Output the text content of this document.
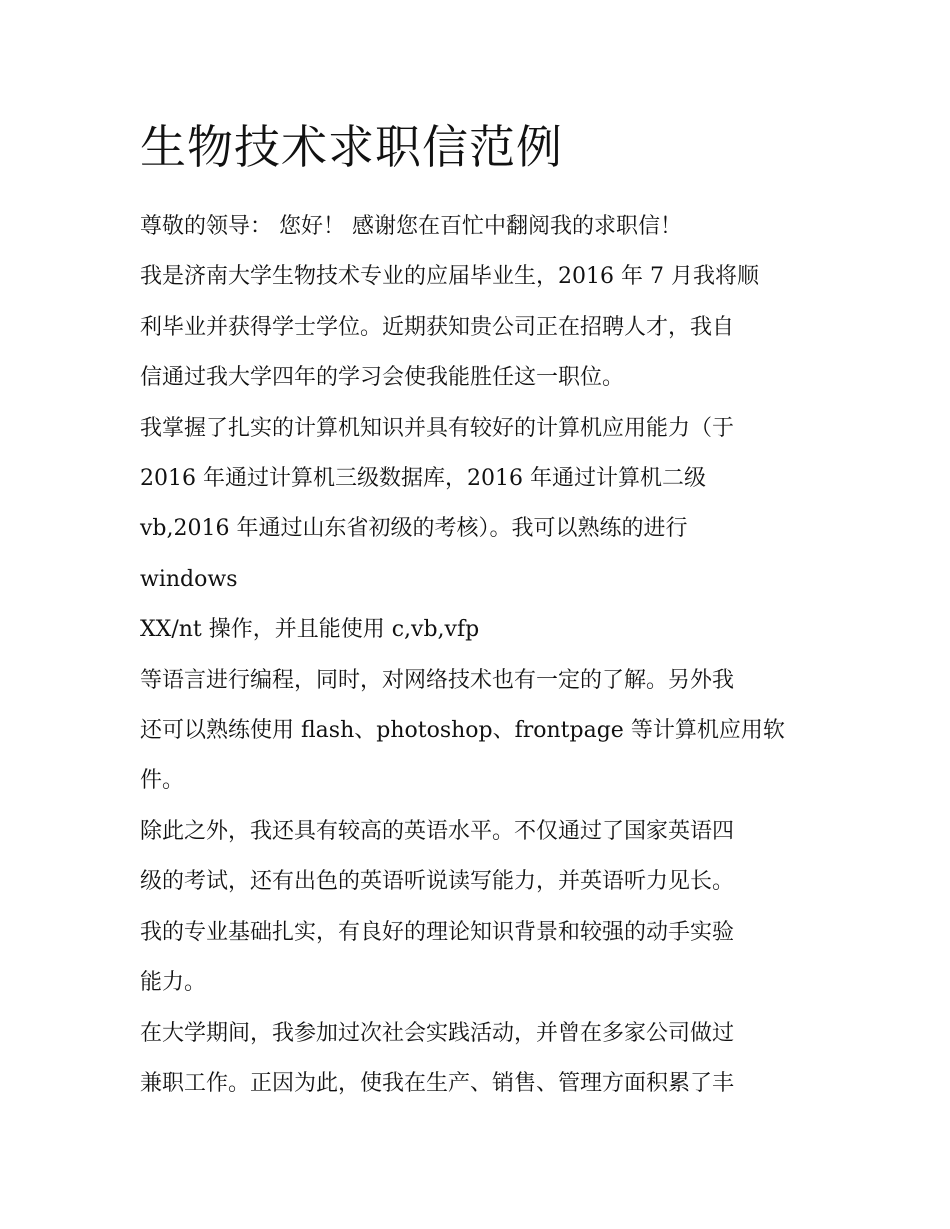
生物技术求职信范例
尊敬的领导： 您好！ 感谢您在百忙中翻阅我的求职信！
我是济南大学生物技术专业的应届毕业生，2016 年 7 月我将顺
利毕业并获得学士学位。近期获知贵公司正在招聘人才，我自
信通过我大学四年的学习会使我能胜任这一职位。
我掌握了扎实的计算机知识并具有较好的计算机应用能力（于
2016 年通过计算机三级数据库，2016 年通过计算机二级
vb,2016 年通过山东省初级的考核）。我可以熟练的进行
windows
XX/nt 操作，并且能使用 c,vb,vfp
等语言进行编程，同时，对网络技术也有一定的了解。另外我
还可以熟练使用 flash、photoshop、frontpage 等计算机应用软
件。
除此之外，我还具有较高的英语水平。不仅通过了国家英语四
级的考试，还有出色的英语听说读写能力，并英语听力见长。
我的专业基础扎实，有良好的理论知识背景和较强的动手实验
能力。
在大学期间，我参加过次社会实践活动，并曾在多家公司做过
兼职工作。正因为此，使我在生产、销售、管理方面积累了丰
